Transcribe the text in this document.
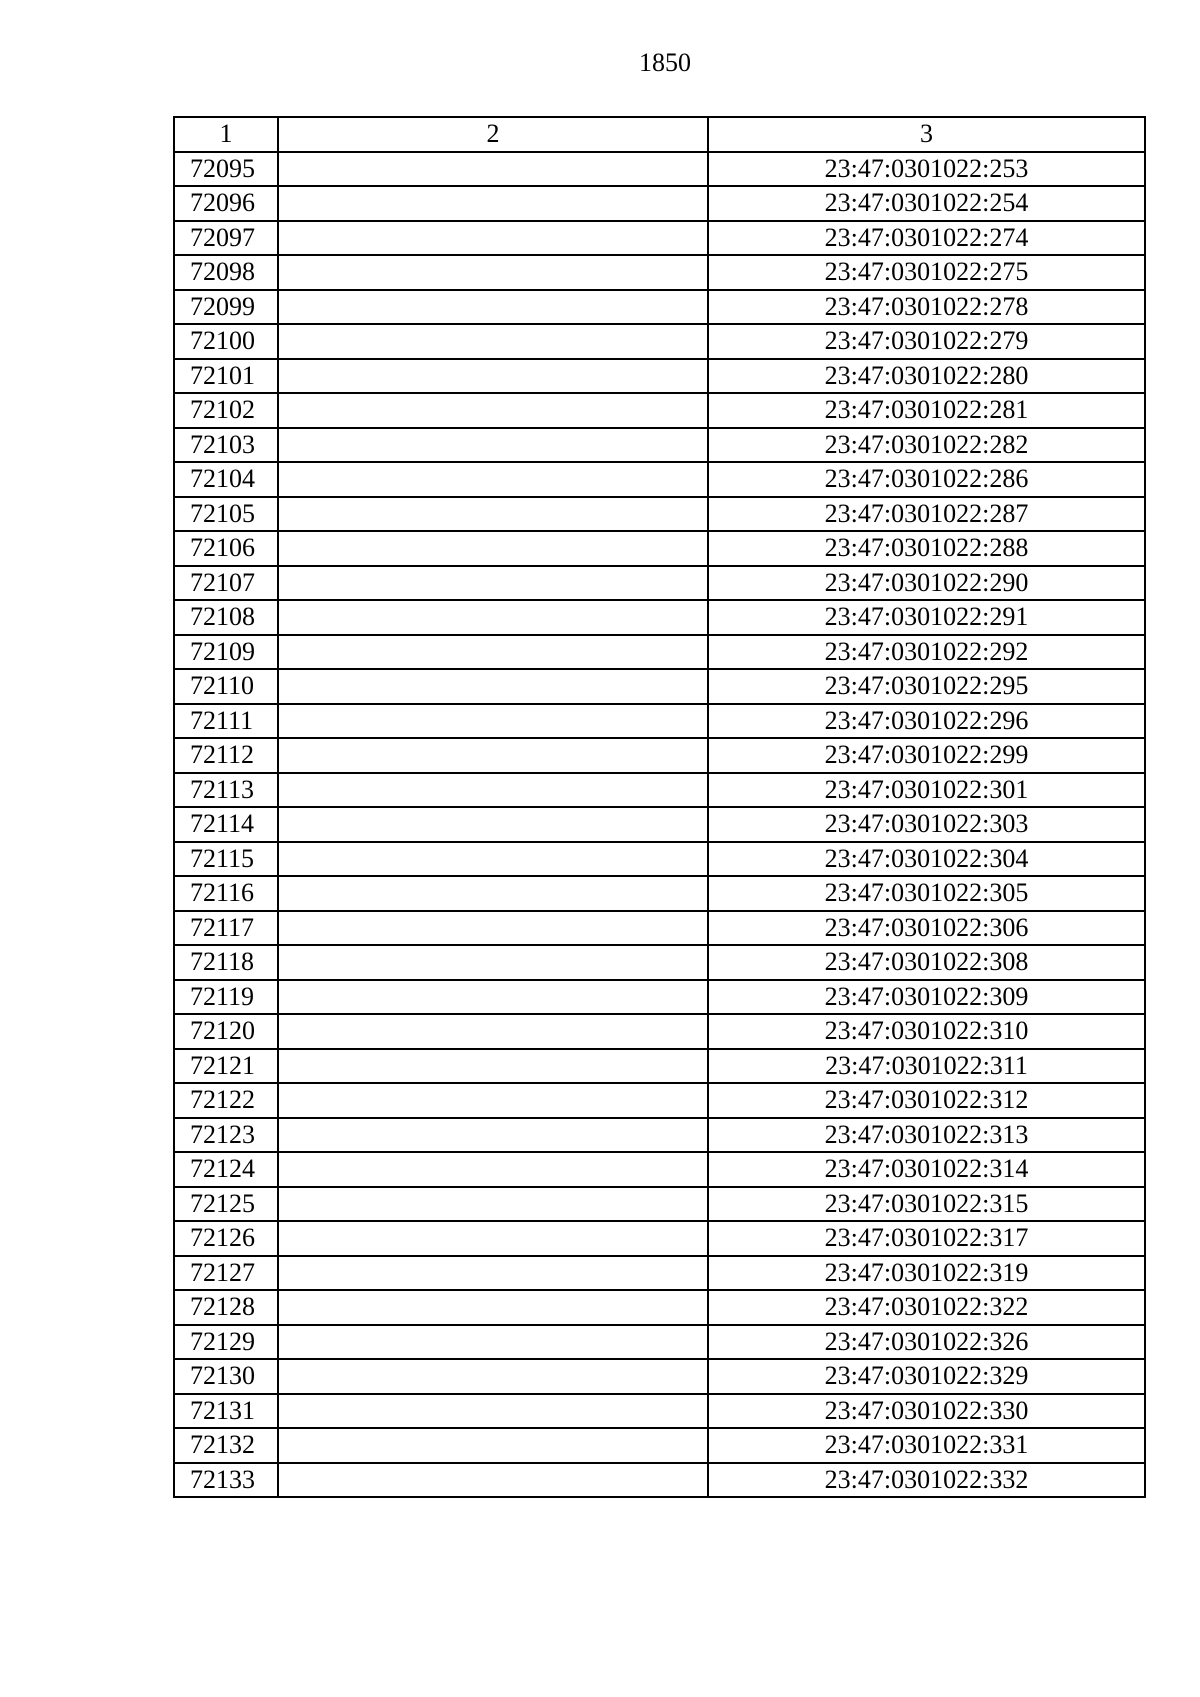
1850
1	2	3
72095		23:47:0301022:253
72096		23:47:0301022:254
72097		23:47:0301022:274
72098		23:47:0301022:275
72099		23:47:0301022:278
72100		23:47:0301022:279
72101		23:47:0301022:280
72102		23:47:0301022:281
72103		23:47:0301022:282
72104		23:47:0301022:286
72105		23:47:0301022:287
72106		23:47:0301022:288
72107		23:47:0301022:290
72108		23:47:0301022:291
72109		23:47:0301022:292
72110		23:47:0301022:295
72111		23:47:0301022:296
72112		23:47:0301022:299
72113		23:47:0301022:301
72114		23:47:0301022:303
72115		23:47:0301022:304
72116		23:47:0301022:305
72117		23:47:0301022:306
72118		23:47:0301022:308
72119		23:47:0301022:309
72120		23:47:0301022:310
72121		23:47:0301022:311
72122		23:47:0301022:312
72123		23:47:0301022:313
72124		23:47:0301022:314
72125		23:47:0301022:315
72126		23:47:0301022:317
72127		23:47:0301022:319
72128		23:47:0301022:322
72129		23:47:0301022:326
72130		23:47:0301022:329
72131		23:47:0301022:330
72132		23:47:0301022:331
72133		23:47:0301022:332
